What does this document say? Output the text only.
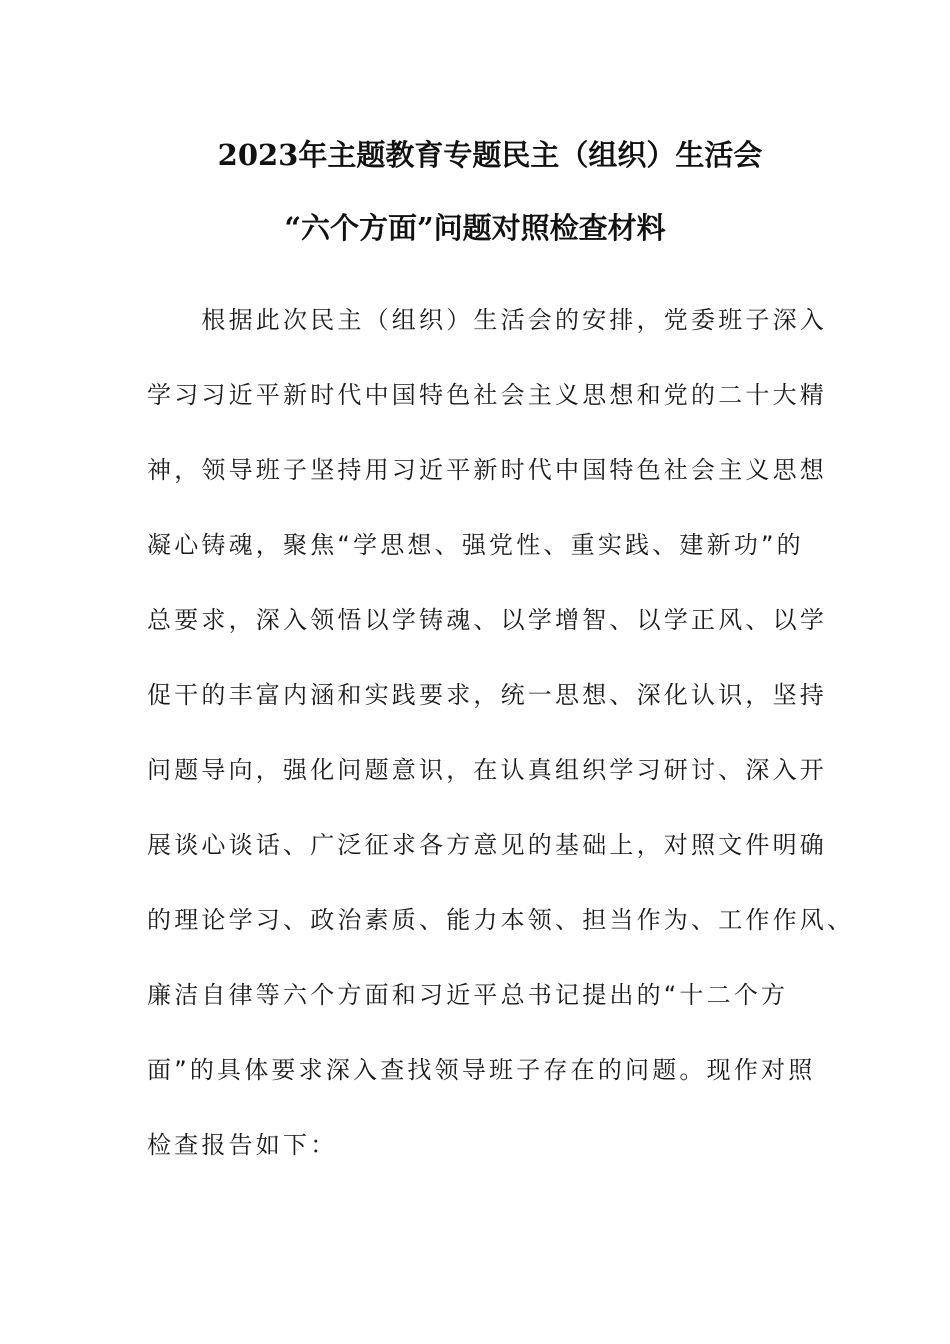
2023年主题教育专题民主（组织）生活会
“六个方面”问题对照检查材料
　　根据此次民主（组织）生活会的安排，党委班子深入
学习习近平新时代中国特色社会主义思想和党的二十大精
神，领导班子坚持用习近平新时代中国特色社会主义思想
凝心铸魂，聚焦“学思想、强党性、重实践、建新功”的
总要求，深入领悟以学铸魂、以学增智、以学正风、以学
促干的丰富内涵和实践要求，统一思想、深化认识，坚持
问题导向，强化问题意识，在认真组织学习研讨、深入开
展谈心谈话、广泛征求各方意见的基础上，对照文件明确
的理论学习、政治素质、能力本领、担当作为、工作作风、
廉洁自律等六个方面和习近平总书记提出的“十二个方
面”的具体要求深入查找领导班子存在的问题。现作对照
检查报告如下：
